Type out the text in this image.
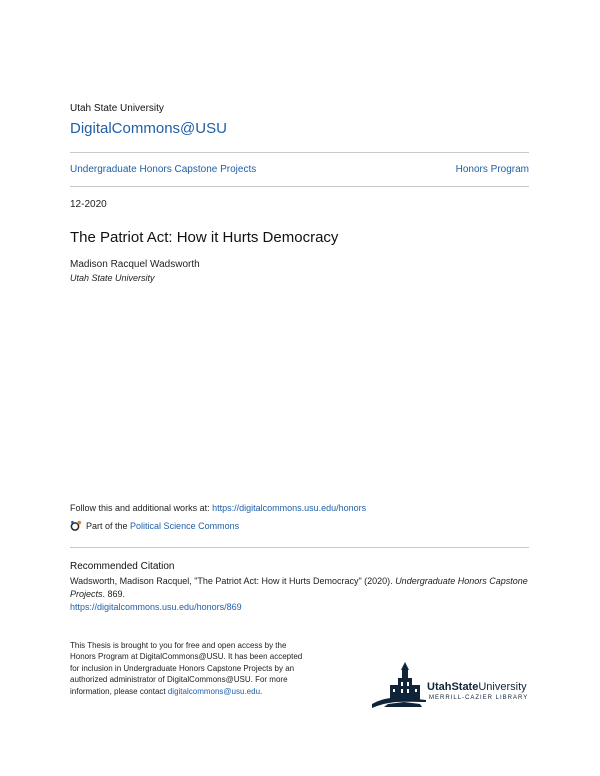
Utah State University
DigitalCommons@USU
Undergraduate Honors Capstone Projects	Honors Program
12-2020
The Patriot Act: How it Hurts Democracy
Madison Racquel Wadsworth
Utah State University
Follow this and additional works at: https://digitalcommons.usu.edu/honors
Part of the
Political Science Commons
Recommended Citation
Wadsworth, Madison Racquel, "The Patriot Act: How it Hurts Democracy" (2020). Undergraduate Honors Capstone Projects. 869.
https://digitalcommons.usu.edu/honors/869
This Thesis is brought to you for free and open access by the Honors Program at DigitalCommons@USU. It has been accepted for inclusion in Undergraduate Honors Capstone Projects by an authorized administrator of DigitalCommons@USU. For more information, please contact digitalcommons@usu.edu.	UtahStateUniversity
MERRILL-CAZIER LIBRARY
